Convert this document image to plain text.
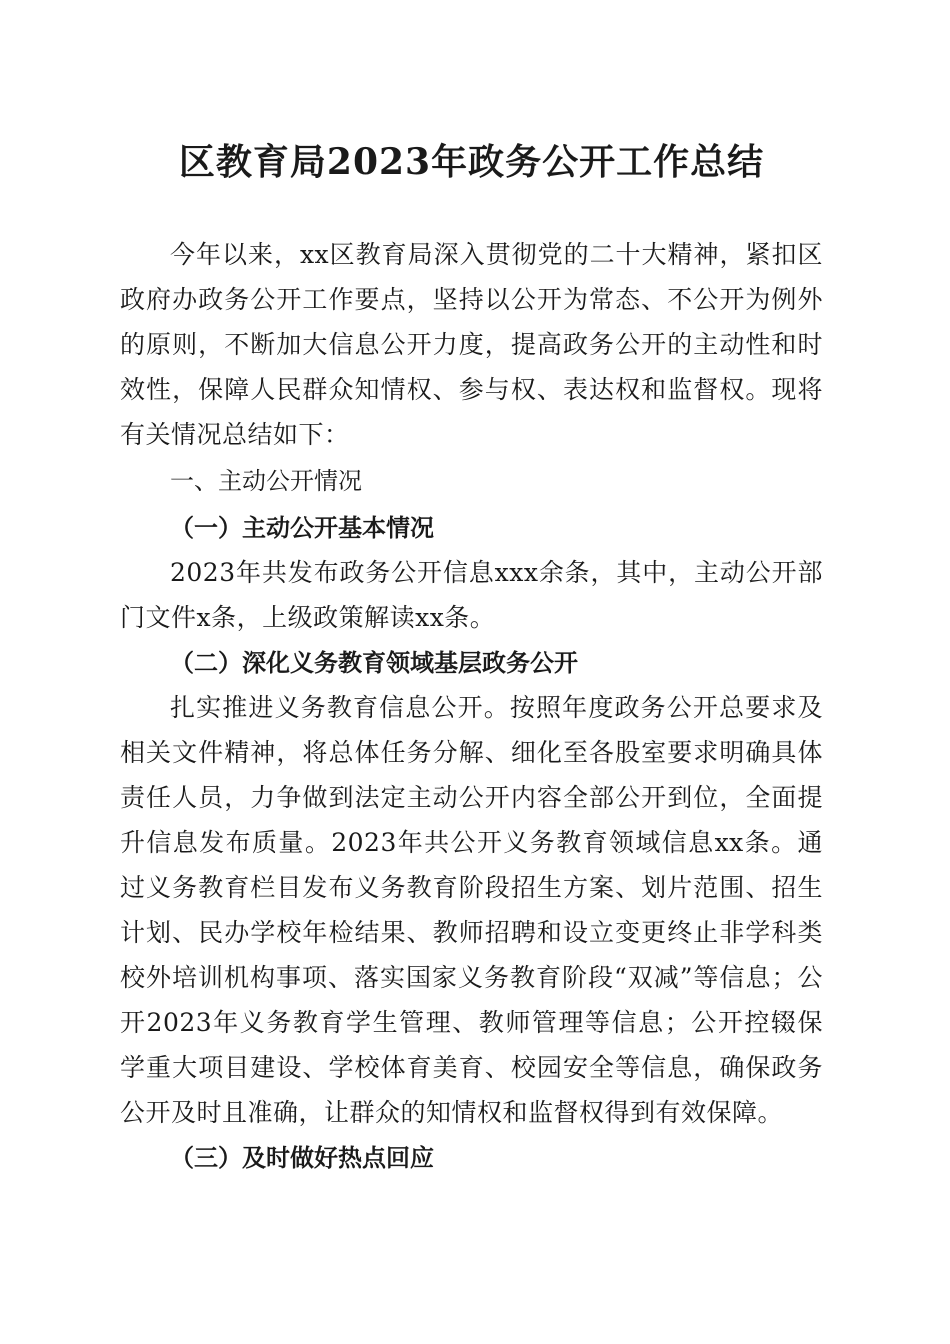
区教育局2023年政务公开工作总结

今年以来，xx区教育局深入贯彻党的二十大精神，紧扣区政府办政务公开工作要点，坚持以公开为常态、不公开为例外的原则，不断加大信息公开力度，提高政务公开的主动性和时效性，保障人民群众知情权、参与权、表达权和监督权。现将有关情况总结如下：

一、主动公开情况

（一）主动公开基本情况

2023年共发布政务公开信息xxx余条，其中，主动公开部门文件x条，上级政策解读xx条。

（二）深化义务教育领域基层政务公开

扎实推进义务教育信息公开。按照年度政务公开总要求及相关文件精神，将总体任务分解、细化至各股室要求明确具体责任人员，力争做到法定主动公开内容全部公开到位，全面提升信息发布质量。2023年共公开义务教育领域信息xx条。通过义务教育栏目发布义务教育阶段招生方案、划片范围、招生计划、民办学校年检结果、教师招聘和设立变更终止非学科类校外培训机构事项、落实国家义务教育阶段“双减”等信息；公开2023年义务教育学生管理、教师管理等信息；公开控辍保学重大项目建设、学校体育美育、校园安全等信息，确保政务公开及时且准确，让群众的知情权和监督权得到有效保障。

（三）及时做好热点回应
